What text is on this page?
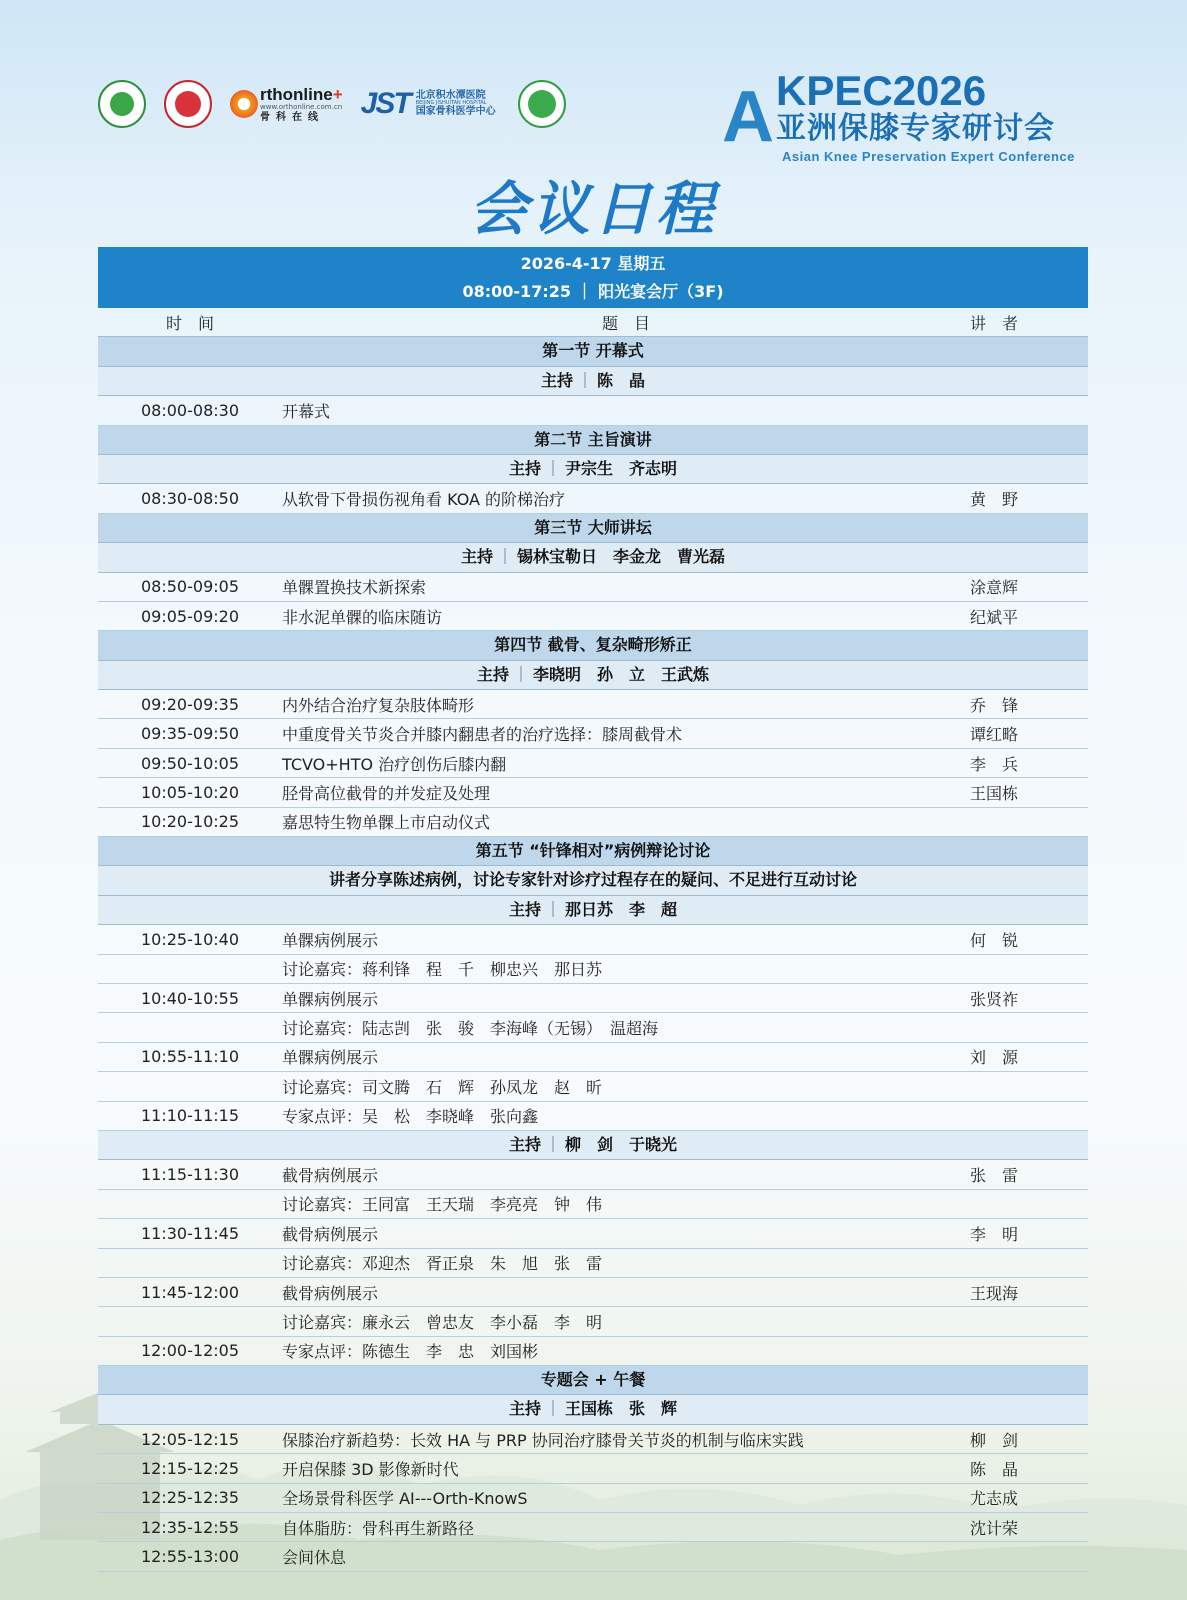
rthonline+
www.orthonline.com.cn
骨科在线	JST 北京积水潭医院
BEIJING JISHUITAN HOSPITAL
国家骨科医学中心	A KPEC2026
亚洲保膝专家研讨会
Asian Knee Preservation Expert Conference
会议日程
2026-4-17 星期五
08:00-17:25 ｜ 阳光宴会厅（3F)
时　间	题　目	讲　者
第一节 开幕式
主持 ｜ 陈　晶
08:00-08:30	开幕式
第二节 主旨演讲
主持 ｜ 尹宗生　齐志明
08:30-08:50	从软骨下骨损伤视角看 KOA 的阶梯治疗	黄　野
第三节 大师讲坛
主持 ｜ 锡林宝勒日　李金龙　曹光磊
08:50-09:05	单髁置换技术新探索	涂意辉
09:05-09:20	非水泥单髁的临床随访	纪斌平
第四节 截骨、复杂畸形矫正
主持 ｜ 李晓明　孙　立　王武炼
09:20-09:35	内外结合治疗复杂肢体畸形	乔　锋
09:35-09:50	中重度骨关节炎合并膝内翻患者的治疗选择：膝周截骨术	谭红略
09:50-10:05	TCVO+HTO 治疗创伤后膝内翻	李　兵
10:05-10:20	胫骨高位截骨的并发症及处理	王国栋
10:20-10:25	嘉思特生物单髁上市启动仪式
第五节 “针锋相对”病例辩论讨论
讲者分享陈述病例，讨论专家针对诊疗过程存在的疑问、不足进行互动讨论
主持 ｜ 那日苏　李　超
10:25-10:40	单髁病例展示	何　锐
讨论嘉宾：蒋利锋　程　千　柳忠兴　那日苏
10:40-10:55	单髁病例展示	张贤祚
讨论嘉宾：陆志剀　张　骏　李海峰（无锡）　温超海
10:55-11:10	单髁病例展示	刘　源
讨论嘉宾：司文腾　石　辉　孙凤龙　赵　昕
11:10-11:15	专家点评：吴　松　李晓峰　张向鑫
主持 ｜ 柳　剑　于晓光
11:15-11:30	截骨病例展示	张　雷
讨论嘉宾：王同富　王天瑞　李亮亮　钟　伟
11:30-11:45	截骨病例展示	李　明
讨论嘉宾：邓迎杰　胥正泉　朱　旭　张　雷
11:45-12:00	截骨病例展示	王现海
讨论嘉宾：廉永云　曾忠友　李小磊　李　明
12:00-12:05	专家点评：陈德生　李　忠　刘国彬
专题会 + 午餐
主持 ｜ 王国栋　张　辉
12:05-12:15	保膝治疗新趋势：长效 HA 与 PRP 协同治疗膝骨关节炎的机制与临床实践	柳　剑
12:15-12:25	开启保膝 3D 影像新时代	陈　晶
12:25-12:35	全场景骨科医学 AI---Orth-KnowS	尤志成
12:35-12:55	自体脂肪：骨科再生新路径	沈计荣
12:55-13:00	会间休息
